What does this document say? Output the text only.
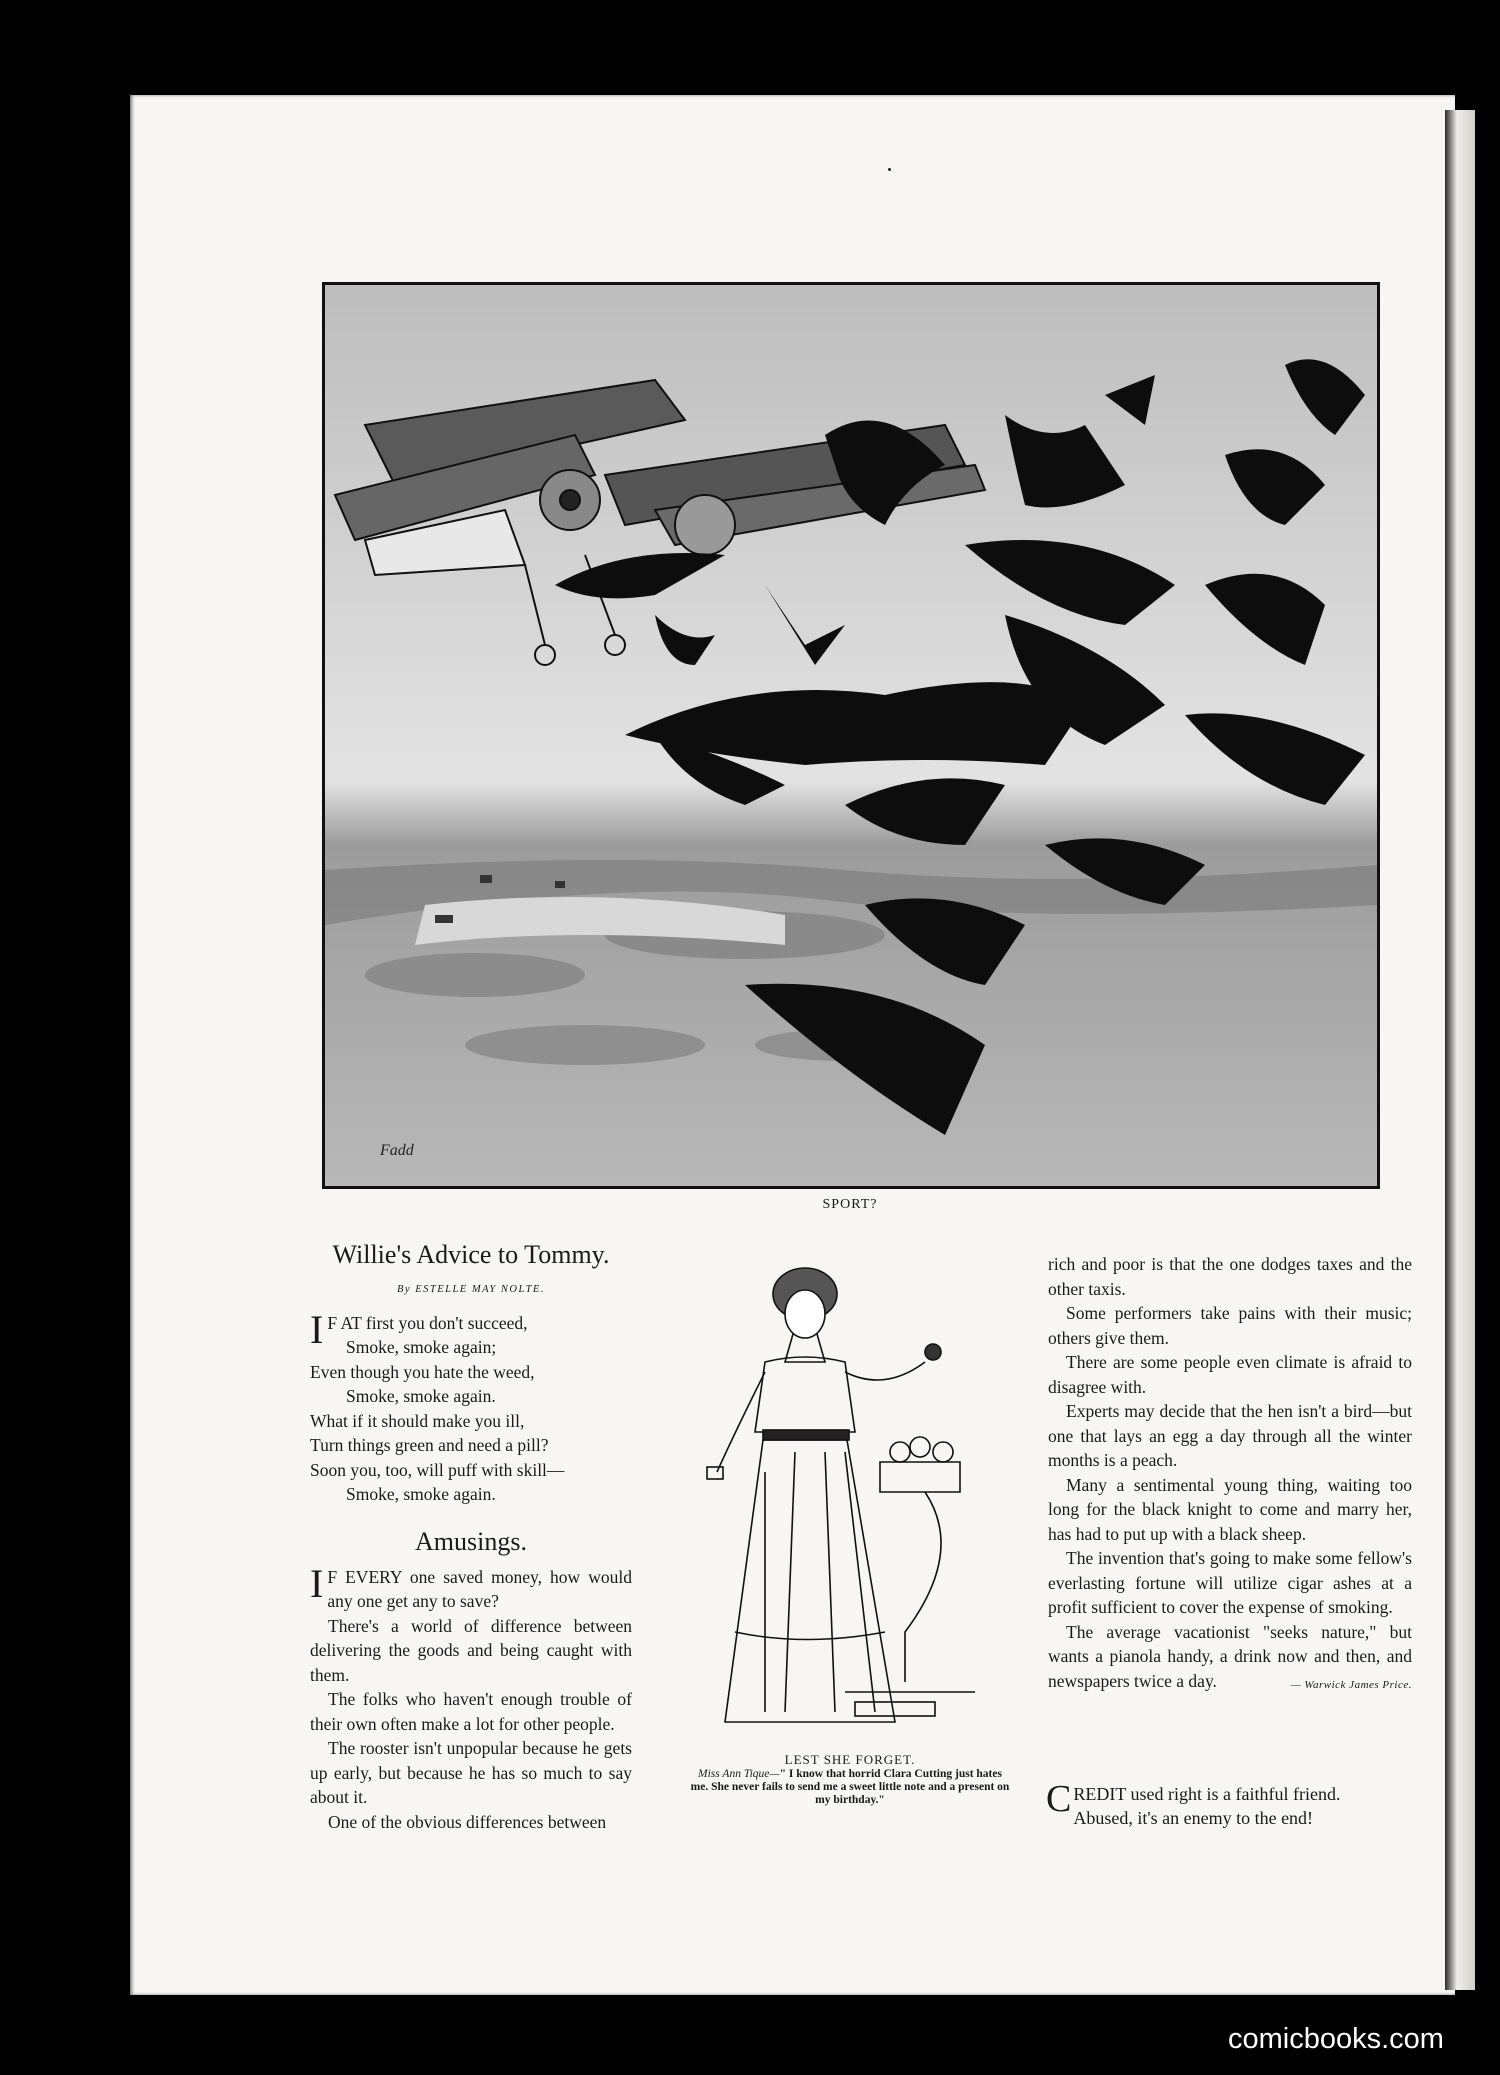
Fadd
SPORT?
Willie's Advice to Tommy.
By ESTELLE MAY NOLTE.
I F AT first you don't succeed,
Smoke, smoke again;
Even though you hate the weed,
Smoke, smoke again.
What if it should make you ill,
Turn things green and need a pill?
Soon you, too, will puff with skill—
Smoke, smoke again.
Amusings.

I F EVERY one saved money, how would any one get any to save?

There's a world of difference between delivering the goods and being caught with them.

The folks who haven't enough trouble of their own often make a lot for other people.

The rooster isn't unpopular because he gets up early, but because he has so much to say about it.

One of the obvious differences between

LEST SHE FORGET.
Miss Ann Tique—" I know that horrid Clara Cutting just hates me. She never fails to send me a sweet little note and a present on my birthday."

rich and poor is that the one dodges taxes and the other taxis.

Some performers take pains with their music; others give them.

There are some people even climate is afraid to disagree with.

Experts may decide that the hen isn't a bird—but one that lays an egg a day through all the winter months is a peach.

Many a sentimental young thing, waiting too long for the black knight to come and marry her, has had to put up with a black sheep.

The invention that's going to make some fellow's everlasting fortune will utilize cigar ashes at a profit sufficient to cover the expense of smoking.

The average vacationist "seeks nature," but wants a pianola handy, a drink now and then, and newspapers twice a day.	— Warwick James Price.

C REDIT used right is a faithful friend.
Abused, it's an enemy to the end!
comicbooks.com
